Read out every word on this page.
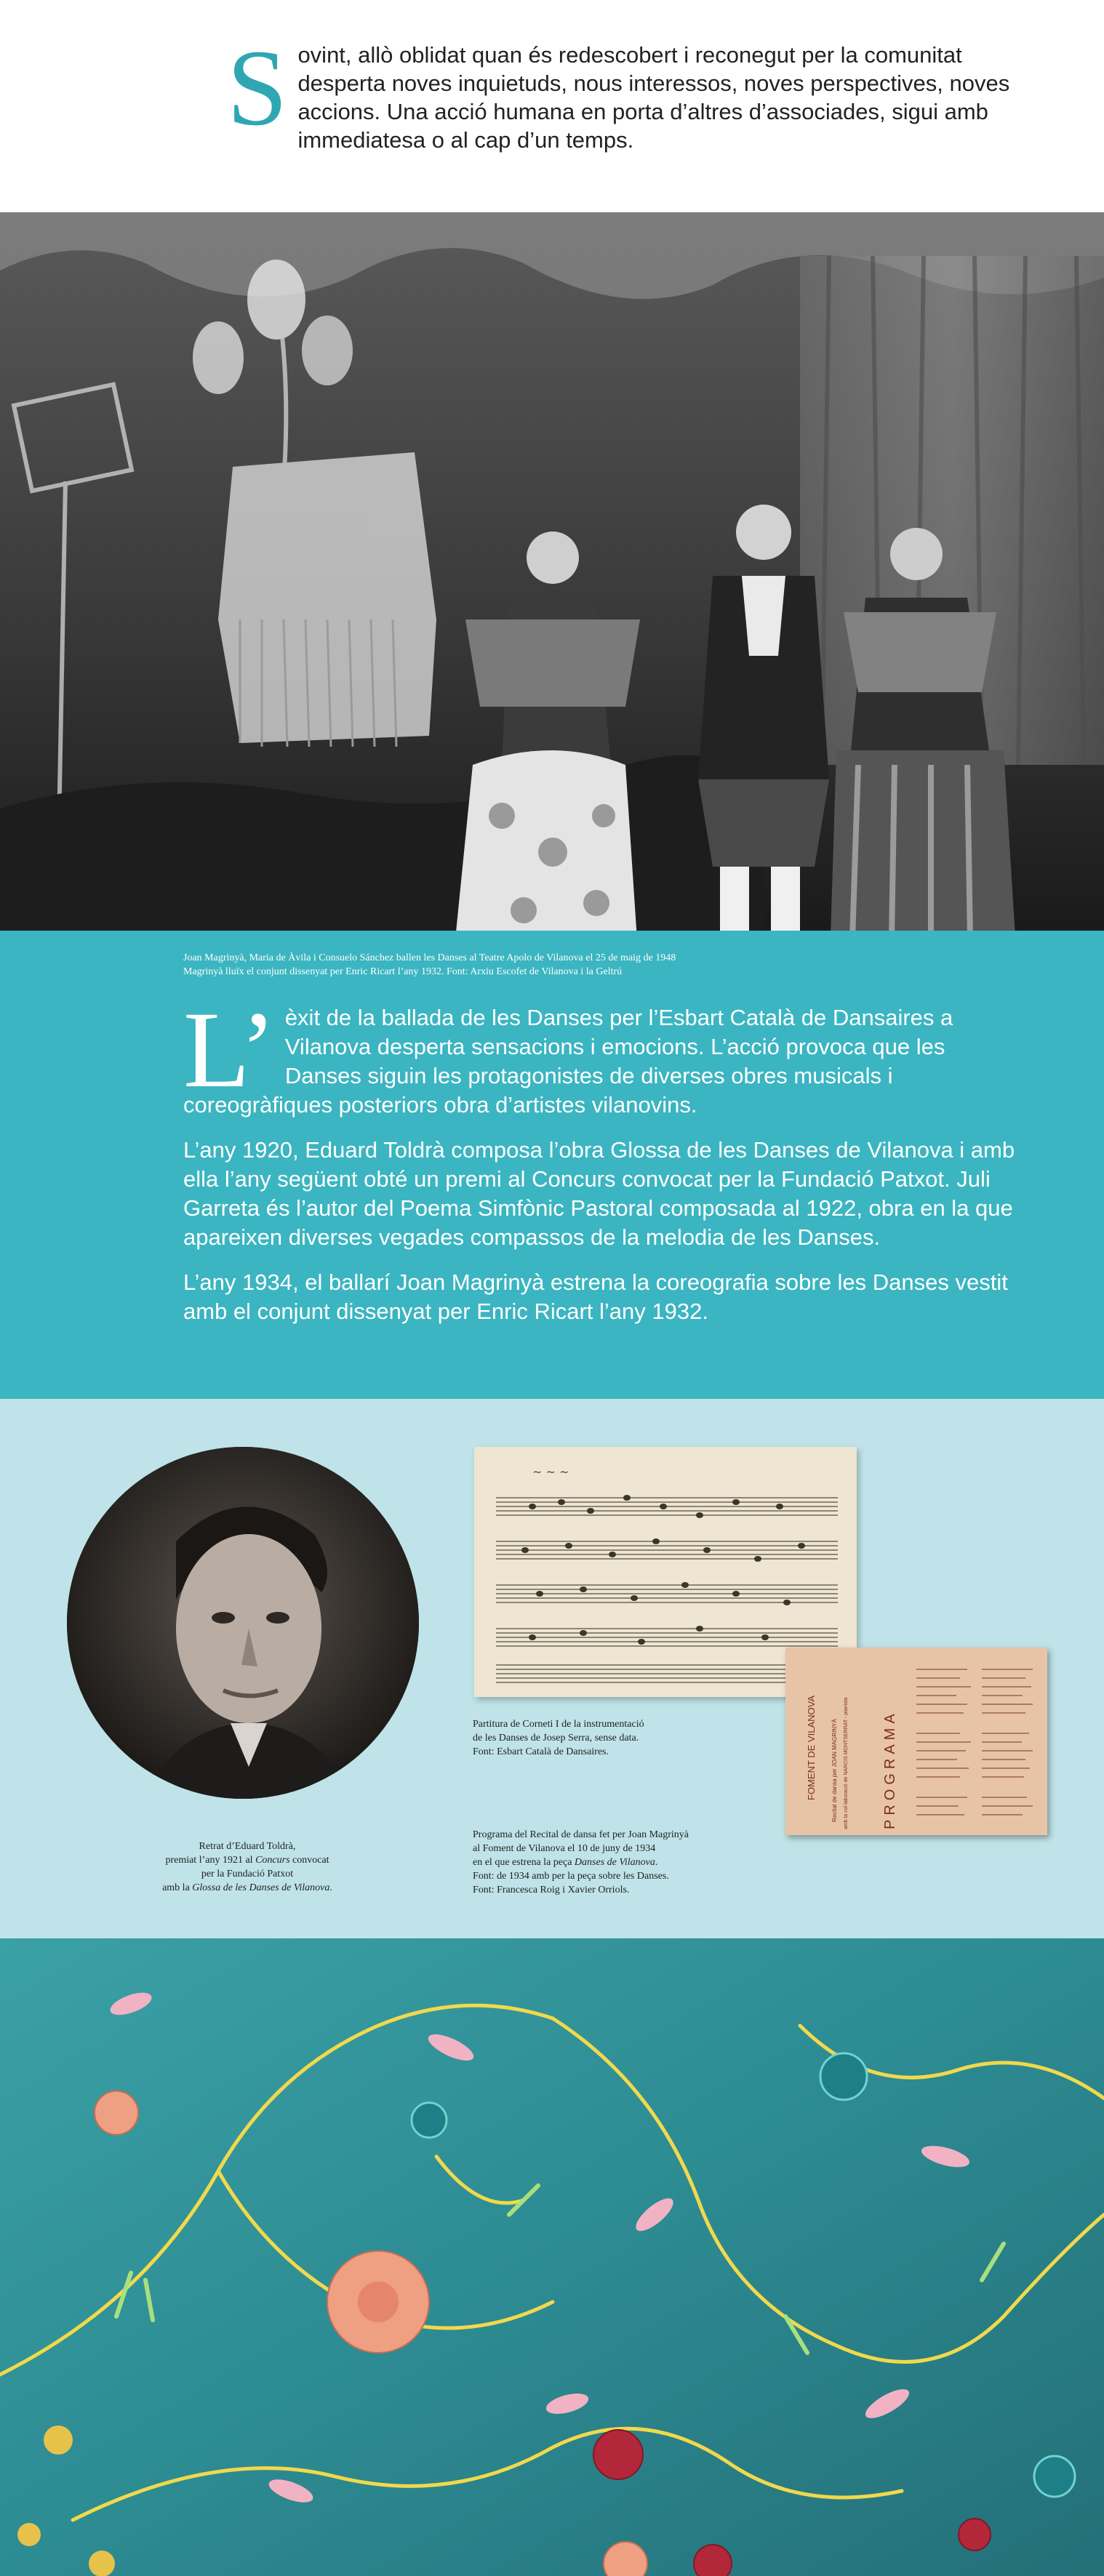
Sovint, allò oblidat quan és redescobert i reconegut per la comunitat desperta noves inquietuds, nous interessos, noves perspectives, noves accions. Una acció humana en porta d’altres d’associades, sigui amb immediatesa o al cap d’un temps.
Joan Magrinyà, Maria de Àvila i Consuelo Sánchez ballen les Danses al Teatre Apolo de Vilanova el 25 de maig de 1948
Magrinyà lluïx el conjunt dissenyat per Enric Ricart l’any 1932. Font: Arxiu Escofet de Vilanova i la Geltrú

L’ èxit de la ballada de les Danses per l’Esbart Català de Dansaires a Vilanova desperta sensacions i emocions. L’acció provoca que les Danses siguin les protagonistes de diverses obres musicals i coreogràfiques posteriors obra d’artistes vilanovins.

L’any 1920, Eduard Toldrà composa l’obra Glossa de les Danses de Vilanova i amb ella l’any següent obté un premi al Concurs convocat per la Fundació Patxot. Juli Garreta és l’autor del Poema Simfònic Pastoral composada al 1922, obra en la que apareixen diverses vegades compassos de la melodia de les Danses.

L’any 1934, el ballarí Joan Magrinyà estrena la coreografia sobre les Danses vestit amb el conjunt dissenyat per Enric Ricart l’any 1932.

Retrat d’Eduard Toldrà,
premiat l’any 1921 al Concurs convocat
per la Fundació Patxot
amb la Glossa de les Danses de Vilanova.
~ ~ ~
FOMENT DE VILANOVA	Recital de dansa per JOAN MAGRINYÀ amb la col·laboració de NARCIS MONTSERRAT - pianista PROGRAMA
Partitura de Corneti I de la instrumentació
de les Danses de Josep Serra, sense data.
Font: Esbart Català de Dansaires.
Programa del Recital de dansa fet per Joan Magrinyà
al Foment de Vilanova el 10 de juny de 1934
en el que estrena la peça Danses de Vilanova.
Font: de 1934 amb per la peça sobre les Danses.
Font: Francesca Roig i Xavier Orriols.
